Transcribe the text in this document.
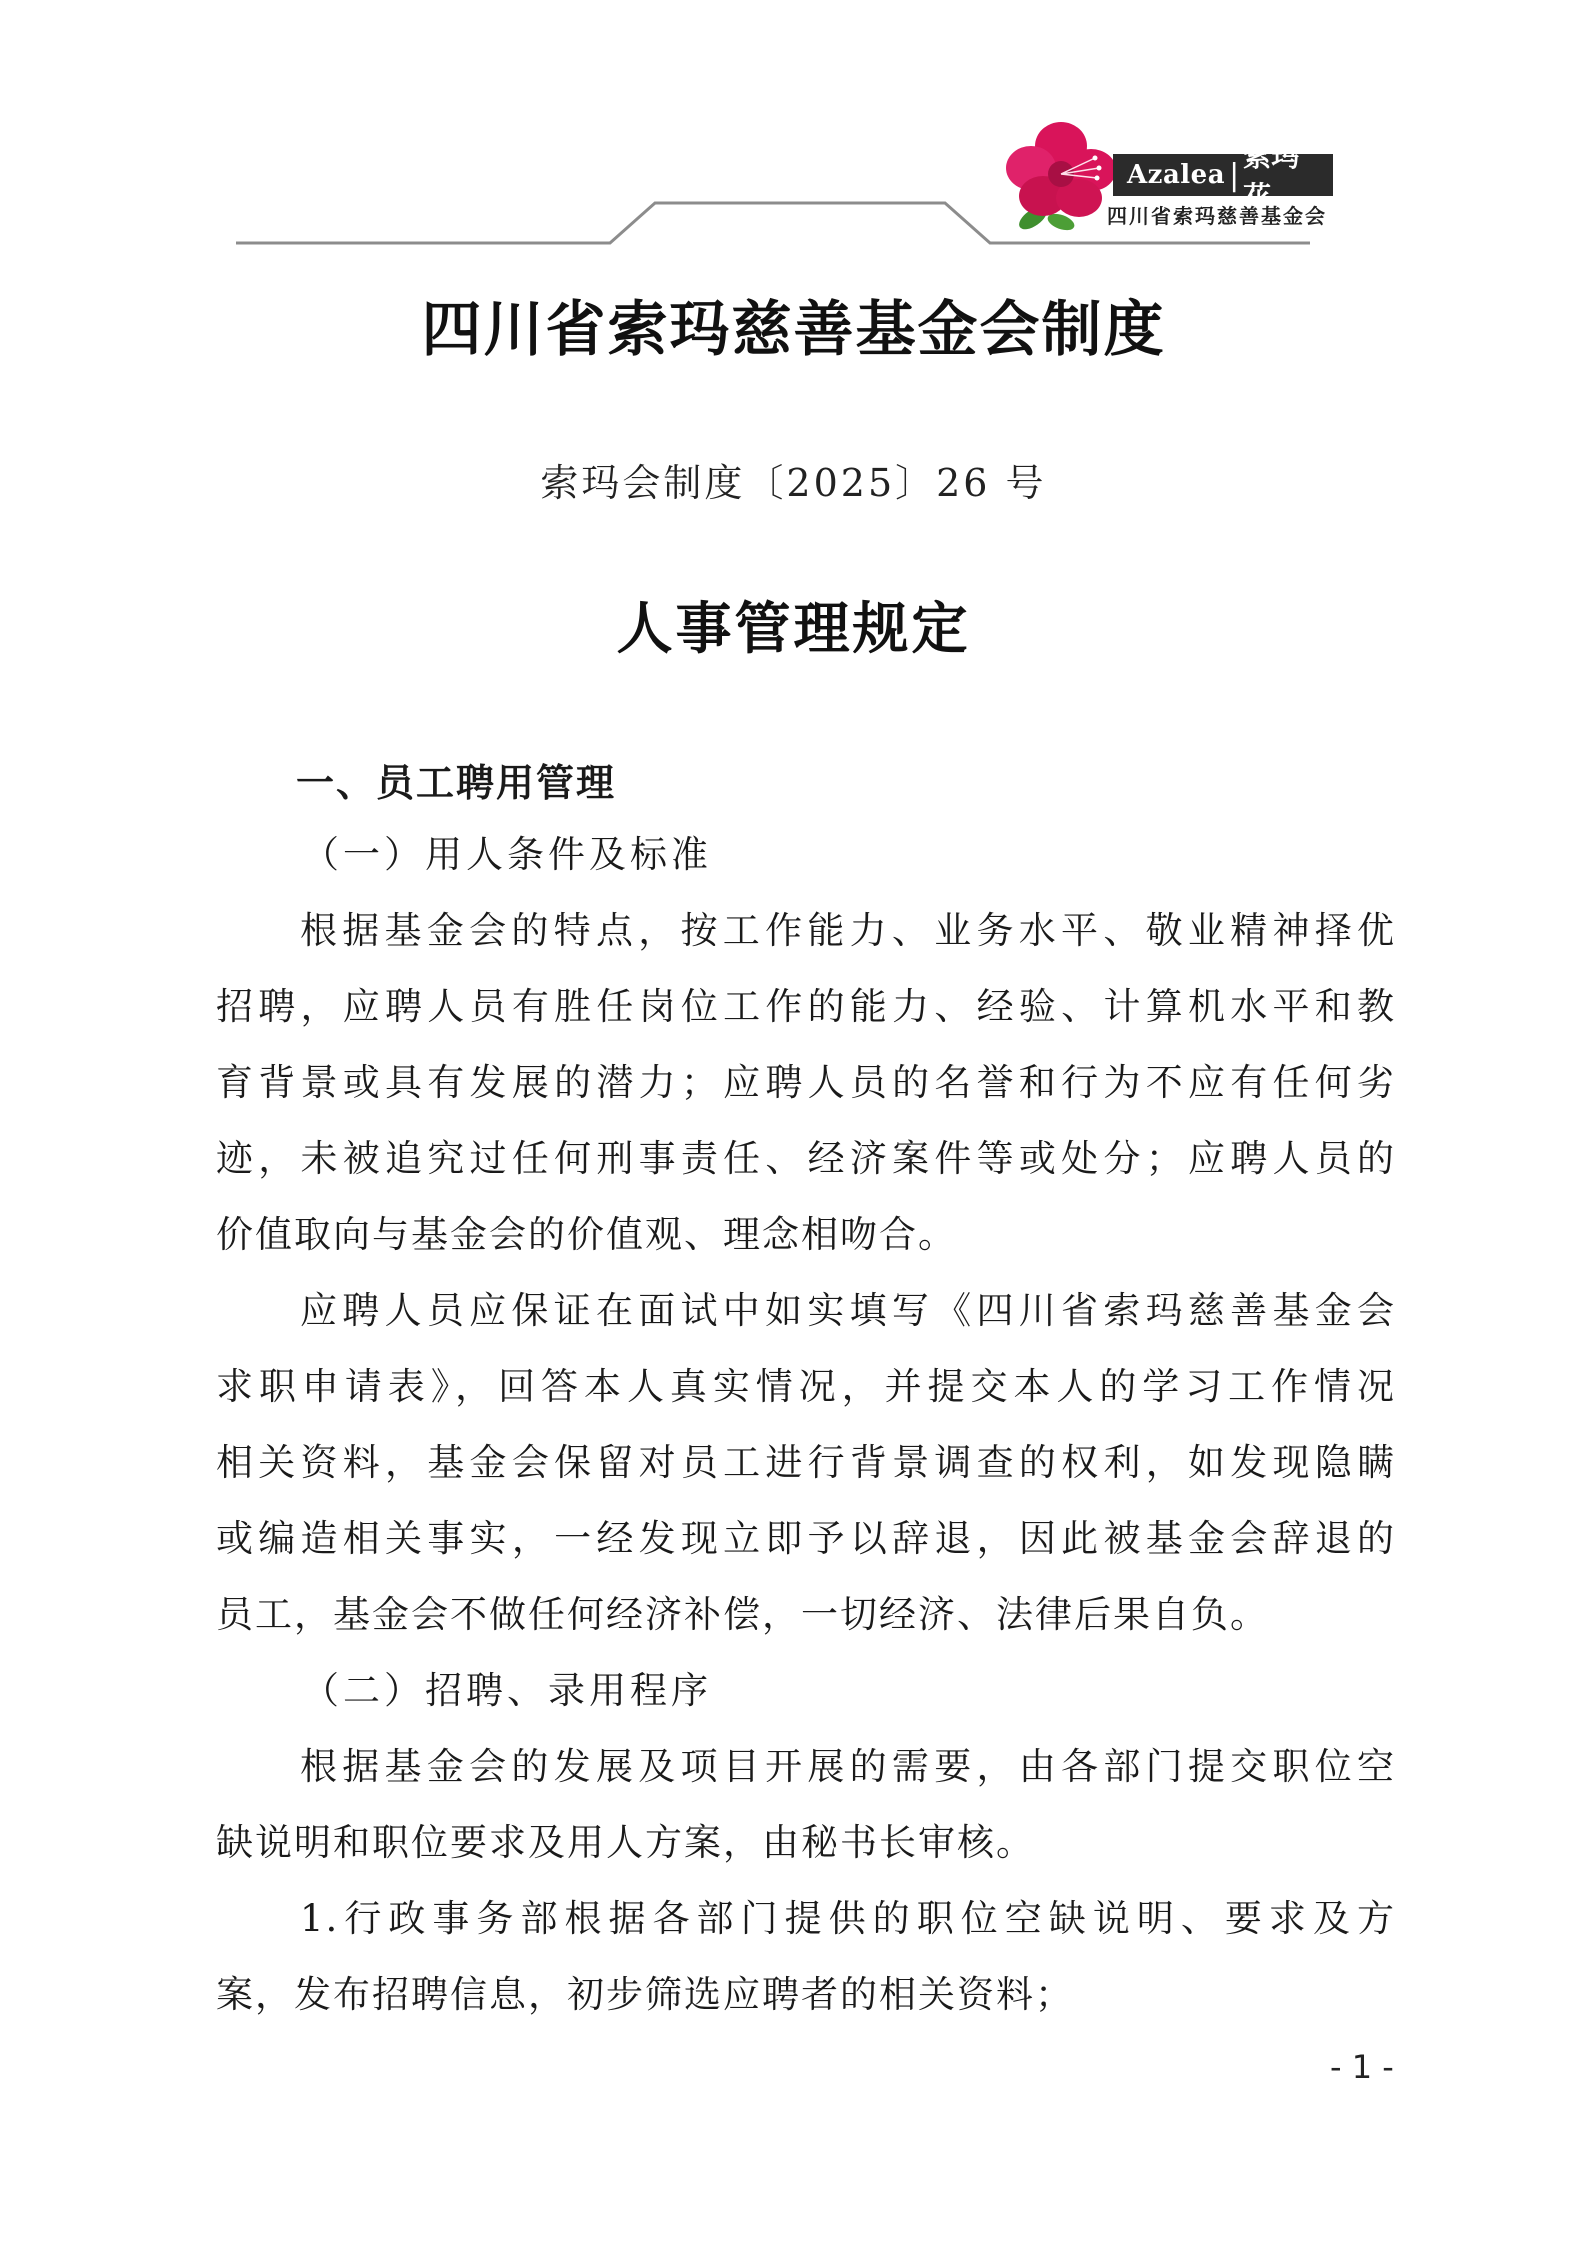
Azalea |
索玛花
四川省索玛慈善基金会
四川省索玛慈善基金会制度
索玛会制度〔2025〕26 号
人事管理规定
一、员工聘用管理
（一）用人条件及标准
根据基金会的特点，按工作能力、业务水平、敬业精神择优
招聘，应聘人员有胜任岗位工作的能力、经验、计算机水平和教
育背景或具有发展的潜力；应聘人员的名誉和行为不应有任何劣
迹，未被追究过任何刑事责任、经济案件等或处分；应聘人员的
价值取向与基金会的价值观、理念相吻合。
应聘人员应保证在面试中如实填写《四川省索玛慈善基金会
求职申请表》，回答本人真实情况，并提交本人的学习工作情况
相关资料，基金会保留对员工进行背景调查的权利，如发现隐瞒
或编造相关事实，一经发现立即予以辞退，因此被基金会辞退的
员工，基金会不做任何经济补偿，一切经济、法律后果自负。
（二）招聘、录用程序
根据基金会的发展及项目开展的需要，由各部门提交职位空
缺说明和职位要求及用人方案，由秘书长审核。
1.行政事务部根据各部门提供的职位空缺说明、要求及方
案，发布招聘信息，初步筛选应聘者的相关资料；
- 1 -
